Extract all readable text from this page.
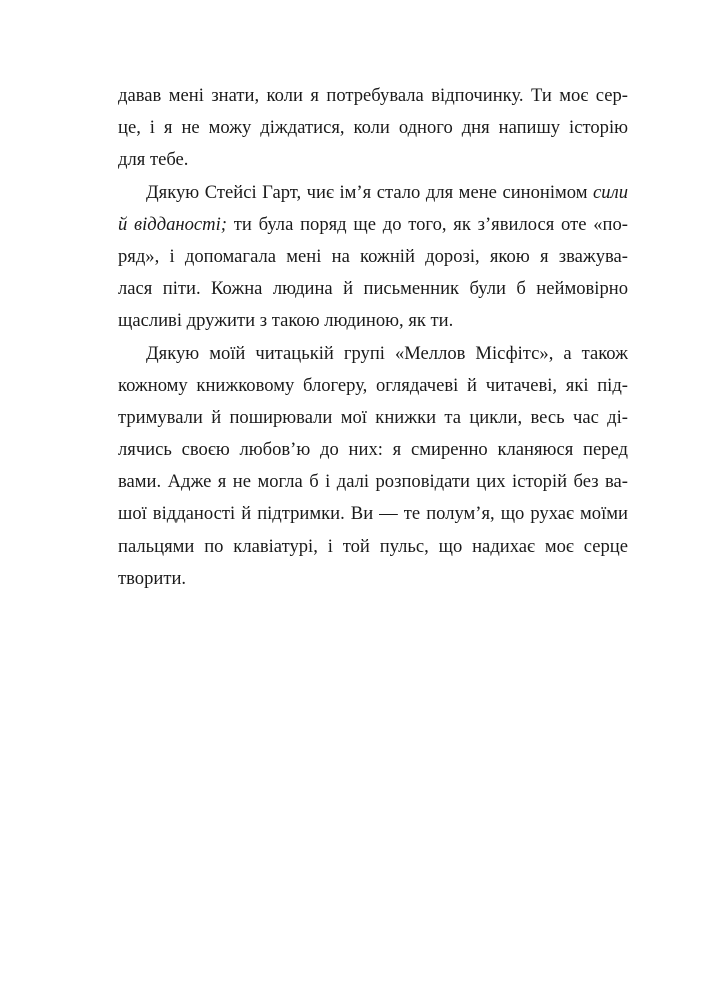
давав мені знати, коли я потребувала відпочинку. Ти моє сер-
це, і я не можу діждатися, коли одного дня напишу історію
для тебе.
Дякую Стейсі Гарт, чиє ім’я стало для мене синонімом сили
й відданості; ти була поряд ще до того, як з’явилося оте «по-
ряд», і допомагала мені на кожній дорозі, якою я зважува-
лася піти. Кожна людина й письменник були б неймовірно
щасливі дружити з такою людиною, як ти.
Дякую моїй читацькій групі «Меллов Місфітс», а також
кожному книжковому блогеру, оглядачеві й читачеві, які під-
тримували й поширювали мої книжки та цикли, весь час ді-
лячись своєю любов’ю до них: я смиренно кланяюся перед
вами. Адже я не могла б і далі розповідати цих історій без ва-
шої відданості й підтримки. Ви — те полум’я, що рухає моїми
пальцями по клавіатурі, і той пульс, що надихає моє серце
творити.
